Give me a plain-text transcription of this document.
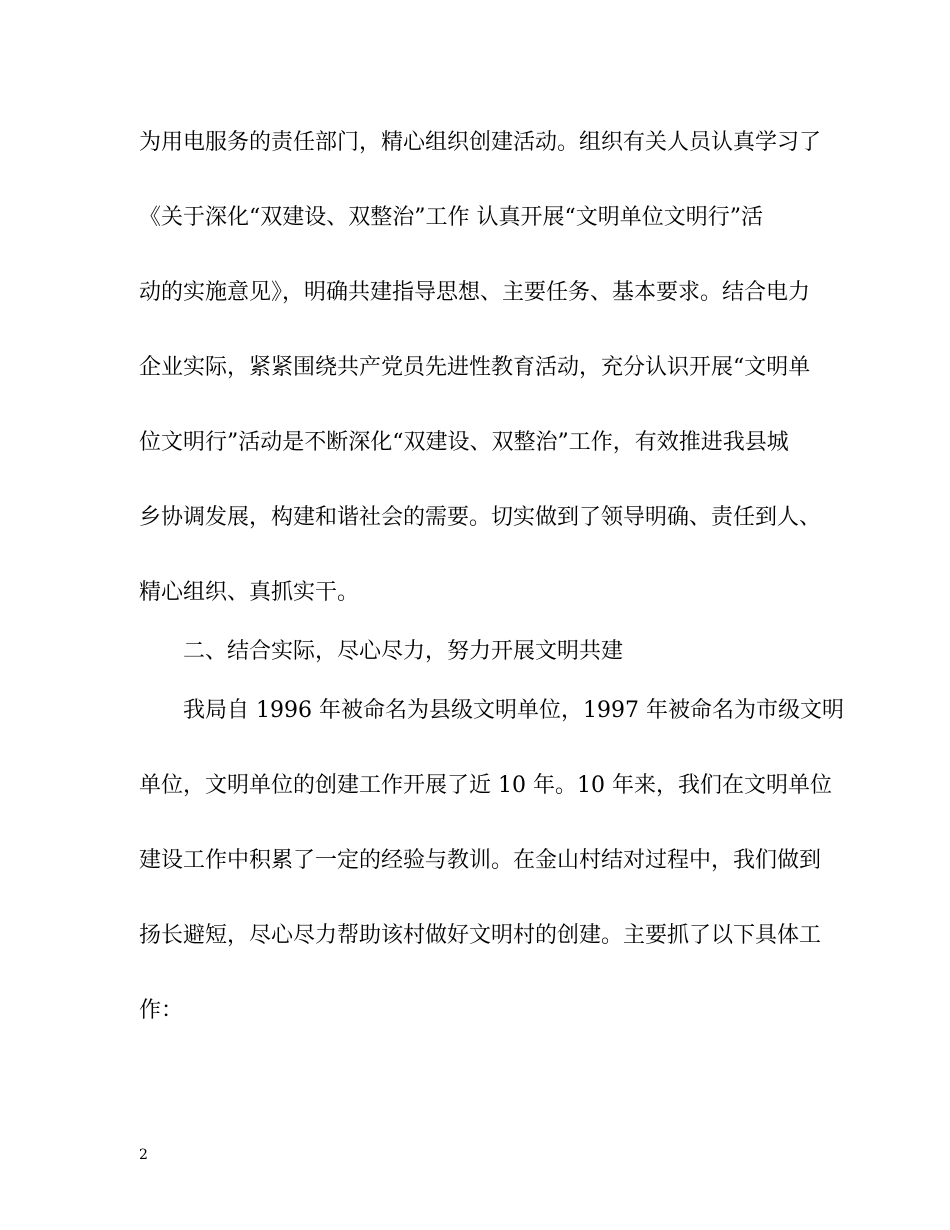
为用电服务的责任部门，精心组织创建活动。组织有关人员认真学习了
《关于深化“双建设、双整治”工作 认真开展“文明单位文明行”活
动的实施意见》，明确共建指导思想、主要任务、基本要求。结合电力
企业实际，紧紧围绕共产党员先进性教育活动，充分认识开展“文明单
位文明行”活动是不断深化“双建设、双整治”工作，有效推进我县城
乡协调发展，构建和谐社会的需要。切实做到了领导明确、责任到人、
精心组织、真抓实干。
二、结合实际，尽心尽力，努力开展文明共建
我局自 1996 年被命名为县级文明单位，1997 年被命名为市级文明
单位，文明单位的创建工作开展了近 10 年。10 年来，我们在文明单位
建设工作中积累了一定的经验与教训。在金山村结对过程中，我们做到
扬长避短，尽心尽力帮助该村做好文明村的创建。主要抓了以下具体工
作：
2
